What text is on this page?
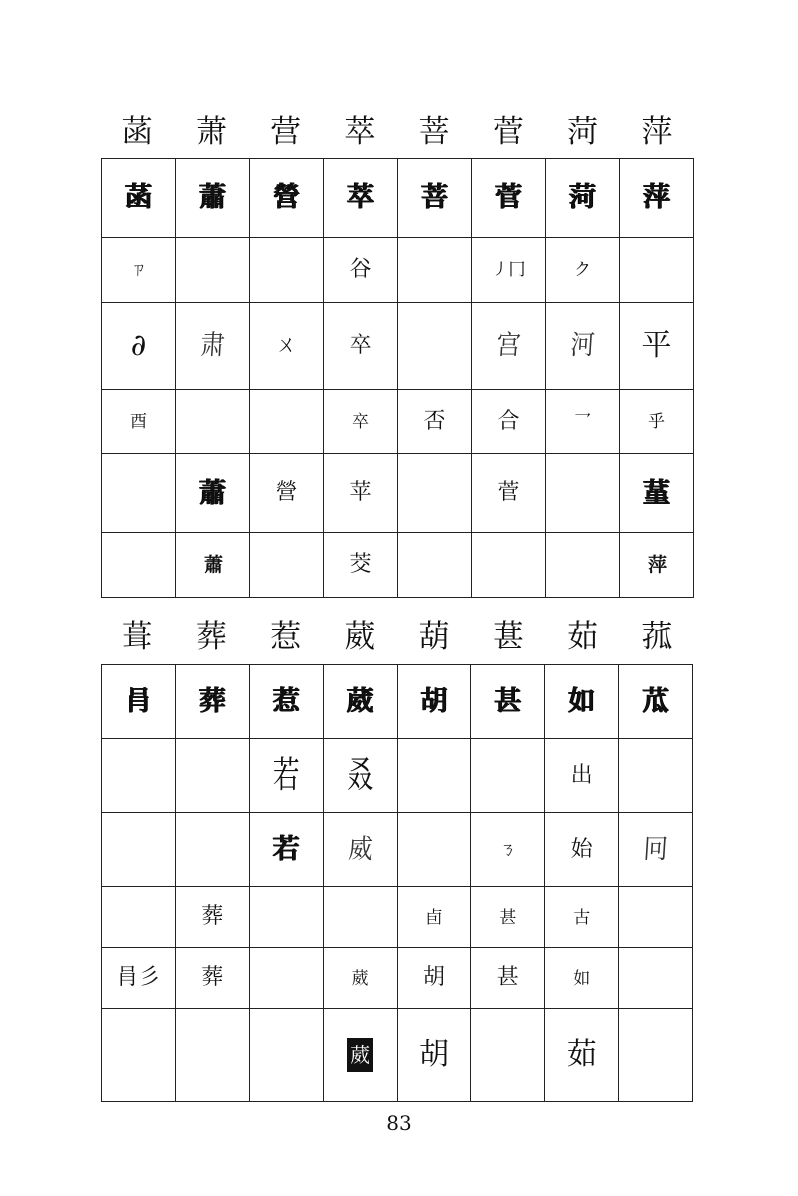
菡	萧	营	萃	菩	菅	菏	萍
菡	蕭	營	萃	菩	菅	菏	萍
ㄗ			谷		㇓冂	ク	
∂	肃	ㄨ	卒		宫	河	平
酉			卒	否	合	乛	乎
	蕭	營	苹		菅		蓳
	蕭		茭				萍
葺	葬	惹	葳	葫	葚	茹	菰
肙	葬	惹	葳	胡	甚	如	苽
		若	叒			出	
		若	威		ㄋ	始	冋
	葬			卣	甚	古	
肙彡	葬		葳	胡	甚	如	
			葳	胡		茹	
83
